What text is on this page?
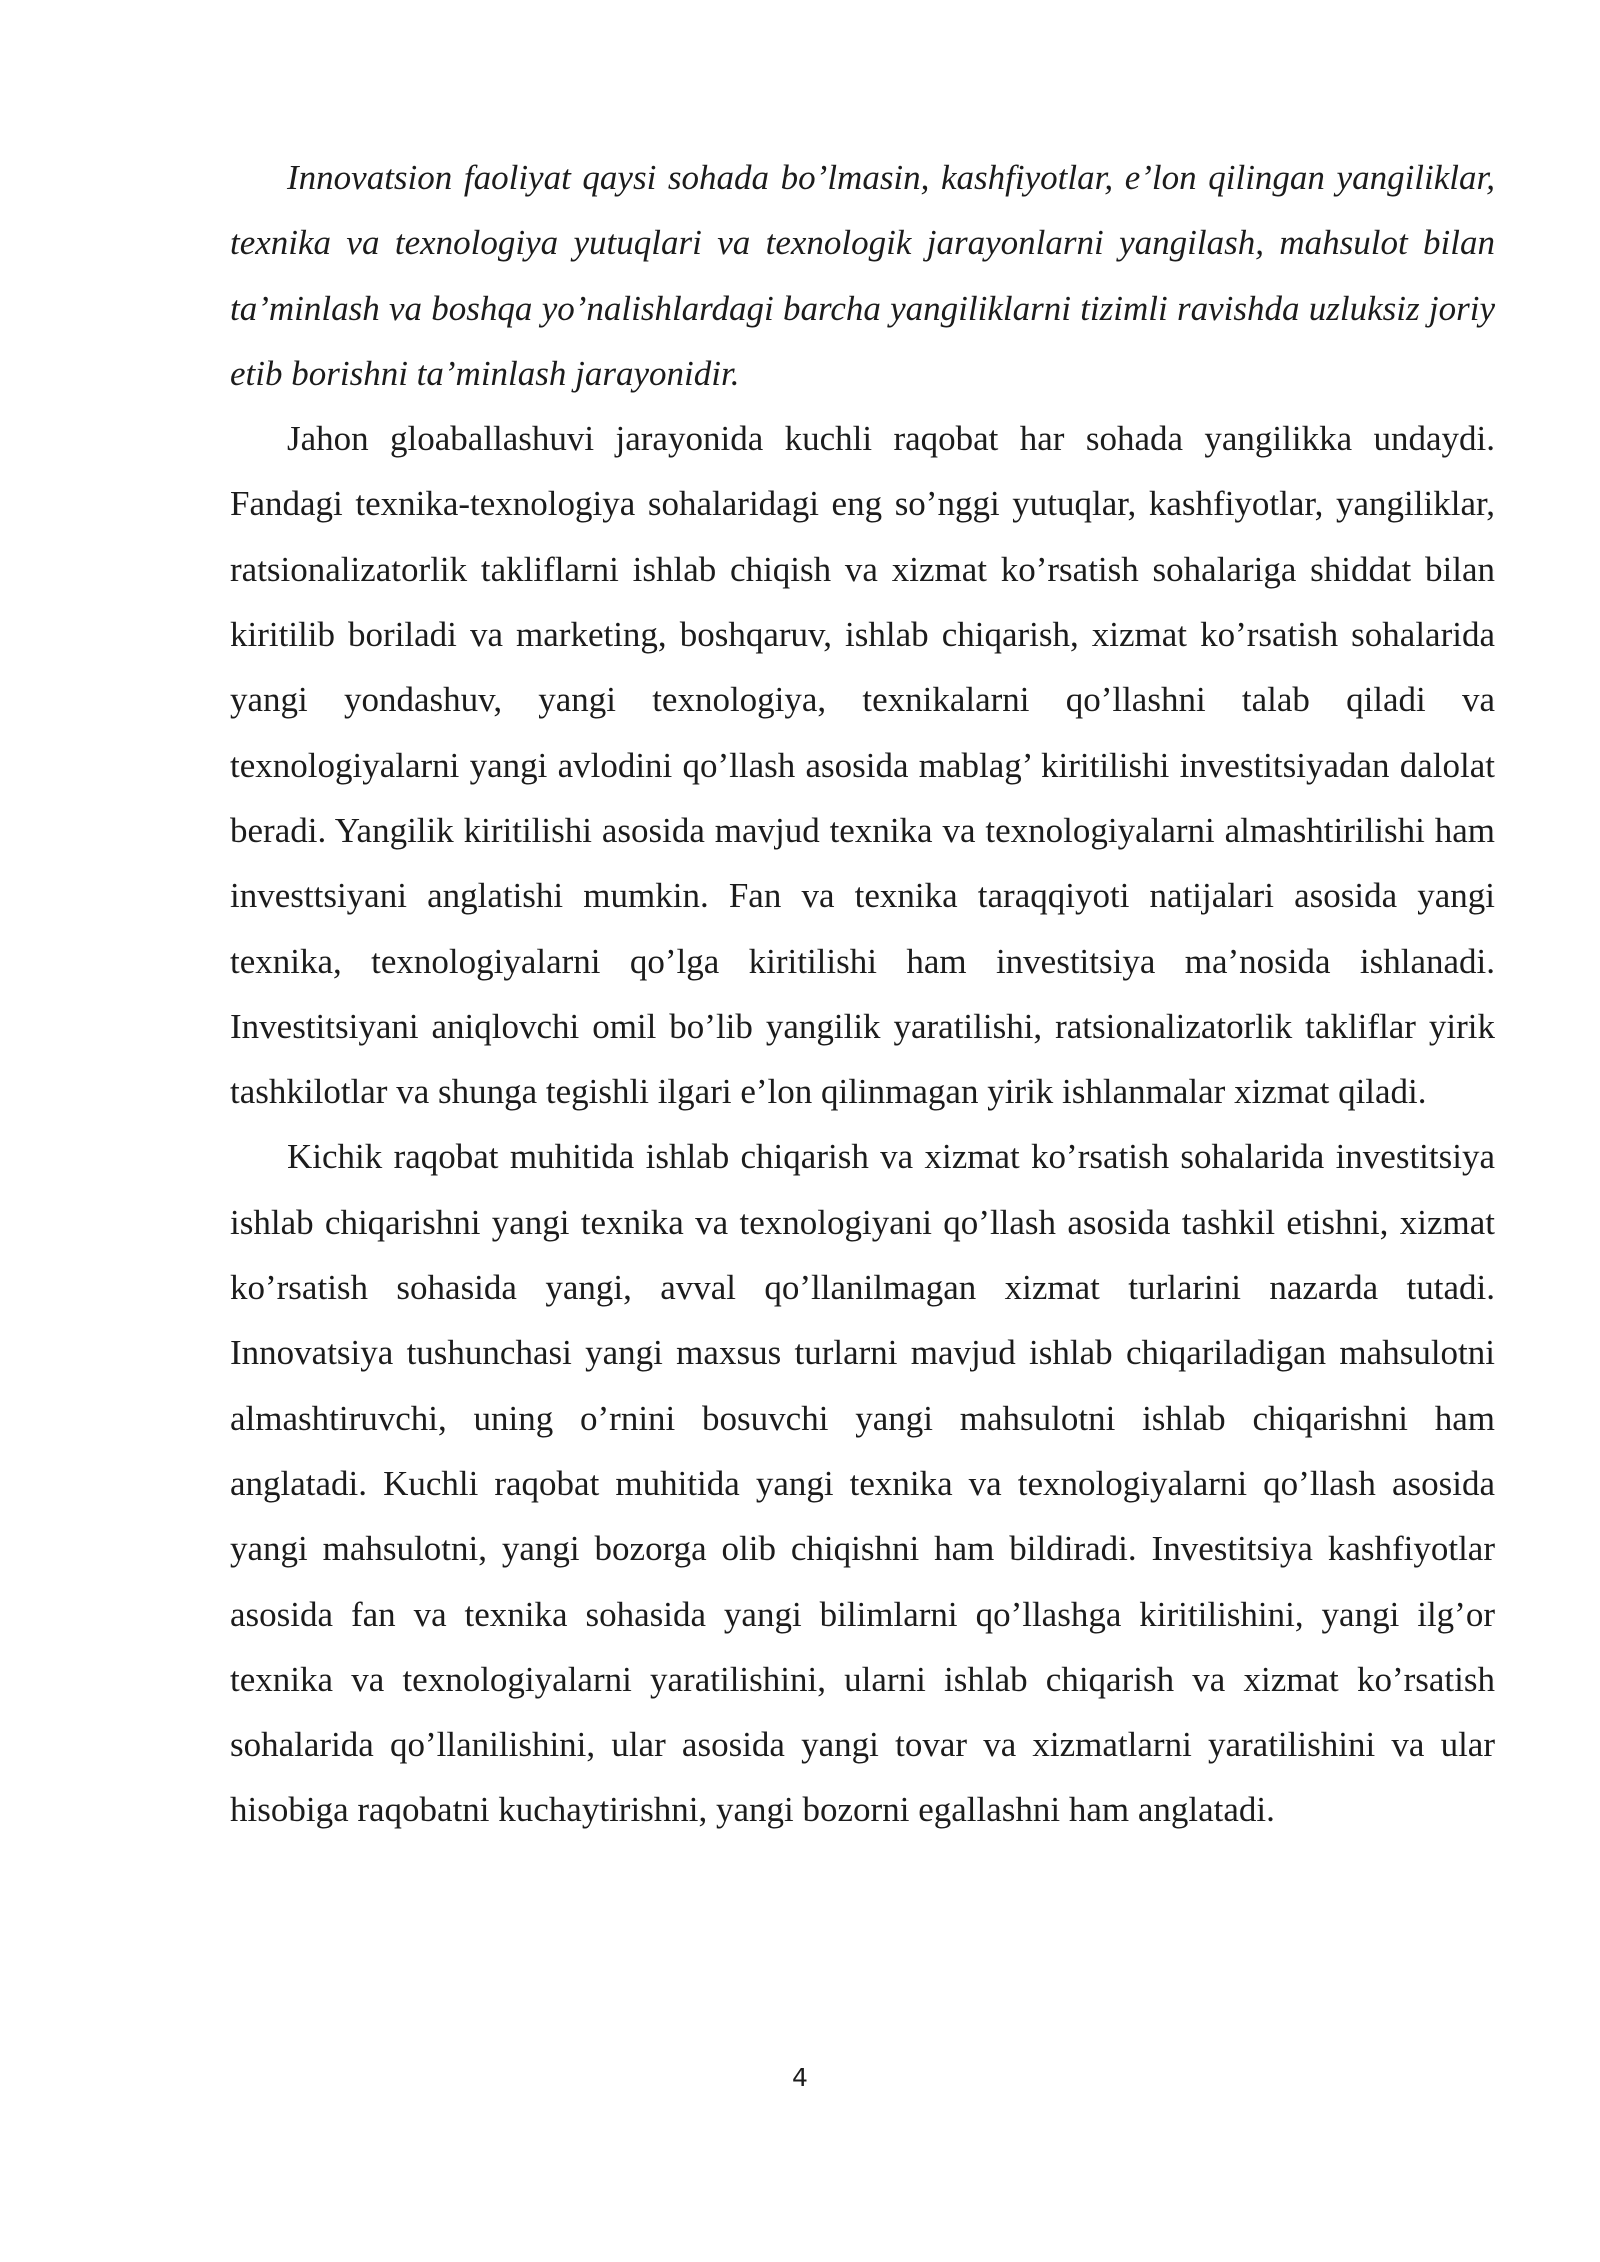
Innovatsion faoliyat qaysi sohada bo’lmasin, kashfiyotlar, e’lon qilingan yangiliklar, texnika va texnologiya yutuqlari va texnologik jarayonlarni yangilash, mahsulot bilan ta’minlash va boshqa yo’nalishlardagi barcha yangiliklarni tizimli ravishda uzluksiz joriy etib borishni ta’minlash jarayonidir.

Jahon gloaballashuvi jarayonida kuchli raqobat har sohada yangilikka undaydi. Fandagi texnika-texnologiya sohalaridagi eng so’nggi yutuqlar, kashfiyotlar, yangiliklar, ratsionalizatorlik takliflarni ishlab chiqish va xizmat ko’rsatish sohalariga shiddat bilan kiritilib boriladi va marketing, boshqaruv, ishlab chiqarish, xizmat ko’rsatish sohalarida yangi yondashuv, yangi texnologiya, texnikalarni qo’llashni talab qiladi va texnologiyalarni yangi avlodini qo’llash asosida mablag’ kiritilishi investitsiyadan dalolat beradi. Yangilik kiritilishi asosida mavjud texnika va texnologiyalarni almashtirilishi ham investtsiyani anglatishi mumkin. Fan va texnika taraqqiyoti natijalari asosida yangi texnika, texnologiyalarni qo’lga kiritilishi ham investitsiya ma’nosida ishlanadi. Investitsiyani aniqlovchi omil bo’lib yangilik yaratilishi, ratsionalizatorlik takliflar yirik tashkilotlar va shunga tegishli ilgari e’lon qilinmagan yirik ishlanmalar xizmat qiladi.

Kichik raqobat muhitida ishlab chiqarish va xizmat ko’rsatish sohalarida investitsiya ishlab chiqarishni yangi texnika va texnologiyani qo’llash asosida tashkil etishni, xizmat ko’rsatish sohasida yangi, avval qo’llanilmagan xizmat turlarini nazarda tutadi. Innovatsiya tushunchasi yangi maxsus turlarni mavjud ishlab chiqariladigan mahsulotni almashtiruvchi, uning o’rnini bosuvchi yangi mahsulotni ishlab chiqarishni ham anglatadi. Kuchli raqobat muhitida yangi texnika va texnologiyalarni qo’llash asosida yangi mahsulotni, yangi bozorga olib chiqishni ham bildiradi. Investitsiya kashfiyotlar asosida fan va texnika sohasida yangi bilimlarni qo’llashga kiritilishini, yangi ilg’or texnika va texnologiyalarni yaratilishini, ularni ishlab chiqarish va xizmat ko’rsatish sohalarida qo’llanilishini, ular asosida yangi tovar va xizmatlarni yaratilishini va ular hisobiga raqobatni kuchaytirishni, yangi bozorni egallashni ham anglatadi.

4
